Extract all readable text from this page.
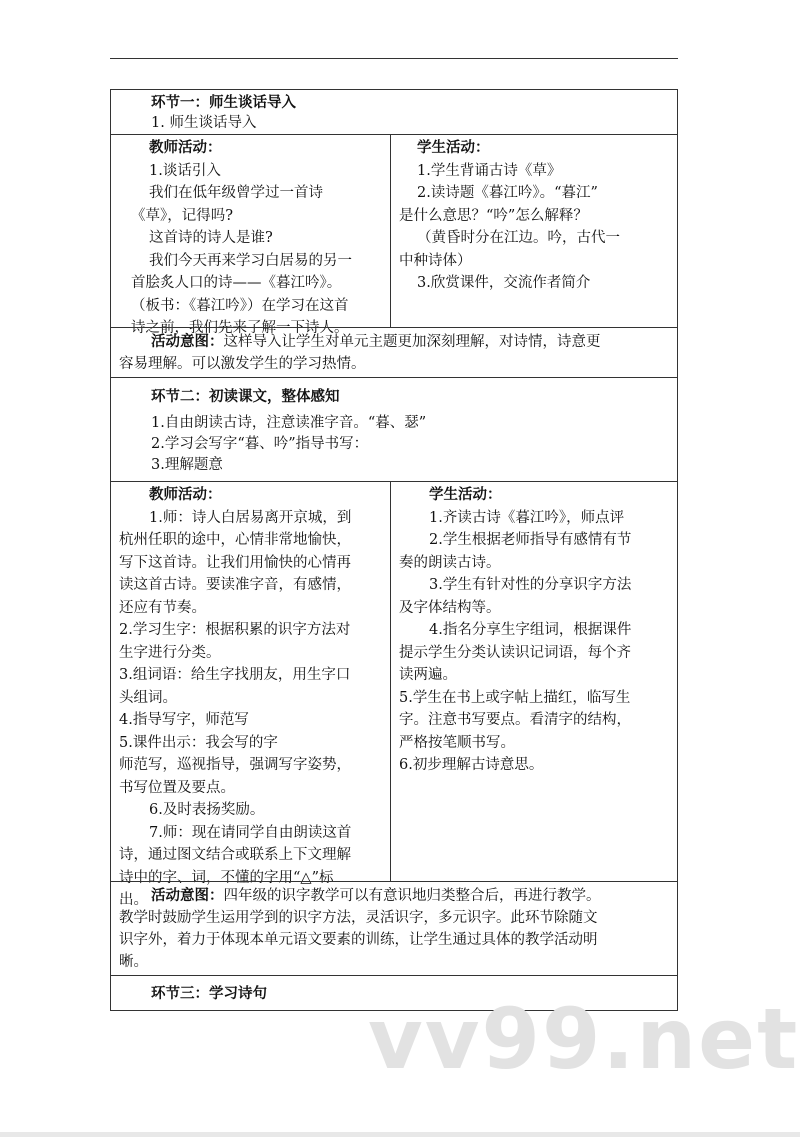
环节一：师生谈话导入
1. 师生谈话导入
教师活动：
1.谈话引入
我们在低年级曾学过一首诗
《草》，记得吗?
这首诗的诗人是谁?
我们今天再来学习白居易的另一
首脍炙人口的诗——《暮江吟》。
（板书：《暮江吟》）在学习在这首
诗之前，我们先来了解一下诗人。
学生活动：
1.学生背诵古诗《草》
2.读诗题《暮江吟》。“暮江”
是什么意思？“吟”怎么解释？
（黄昏时分在江边。吟，古代一
中种诗体）
3.欣赏课件，交流作者简介
活动意图：这样导入让学生对单元主题更加深刻理解，对诗情，诗意更
容易理解。可以激发学生的学习热情。
环节二：初读课文，整体感知
1.自由朗读古诗，注意读准字音。“暮、瑟”
2.学习会写字“暮、吟”指导书写：
3.理解题意
教师活动：
1.师：诗人白居易离开京城，到
杭州任职的途中，心情非常地愉快，
写下这首诗。让我们用愉快的心情再
读这首古诗。要读准字音，有感情，
还应有节奏。
2.学习生字：根据积累的识字方法对
生字进行分类。
3.组词语：给生字找朋友，用生字口
头组词。
4.指导写字，师范写
5.课件出示：我会写的字
师范写，巡视指导，强调写字姿势，
书写位置及要点。
6.及时表扬奖励。
7.师：现在请同学自由朗读这首
诗，通过图文结合或联系上下文理解
诗中的字、词，不懂的字用“△”标
出。
学生活动：
1.齐读古诗《暮江吟》，师点评
2.学生根据老师指导有感情有节
奏的朗读古诗。
3.学生有针对性的分享识字方法
及字体结构等。
4.指名分享生字组词，根据课件
提示学生分类认读识记词语，每个齐
读两遍。
5.学生在书上或字帖上描红，临写生
字。注意书写要点。看清字的结构，
严格按笔顺书写。
6.初步理解古诗意思。
活动意图：四年级的识字教学可以有意识地归类整合后，再进行教学。
教学时鼓励学生运用学到的识字方法，灵活识字，多元识字。此环节除随文
识字外，着力于体现本单元语文要素的训练，让学生通过具体的教学活动明
晰。
环节三：学习诗句 vv99.net
